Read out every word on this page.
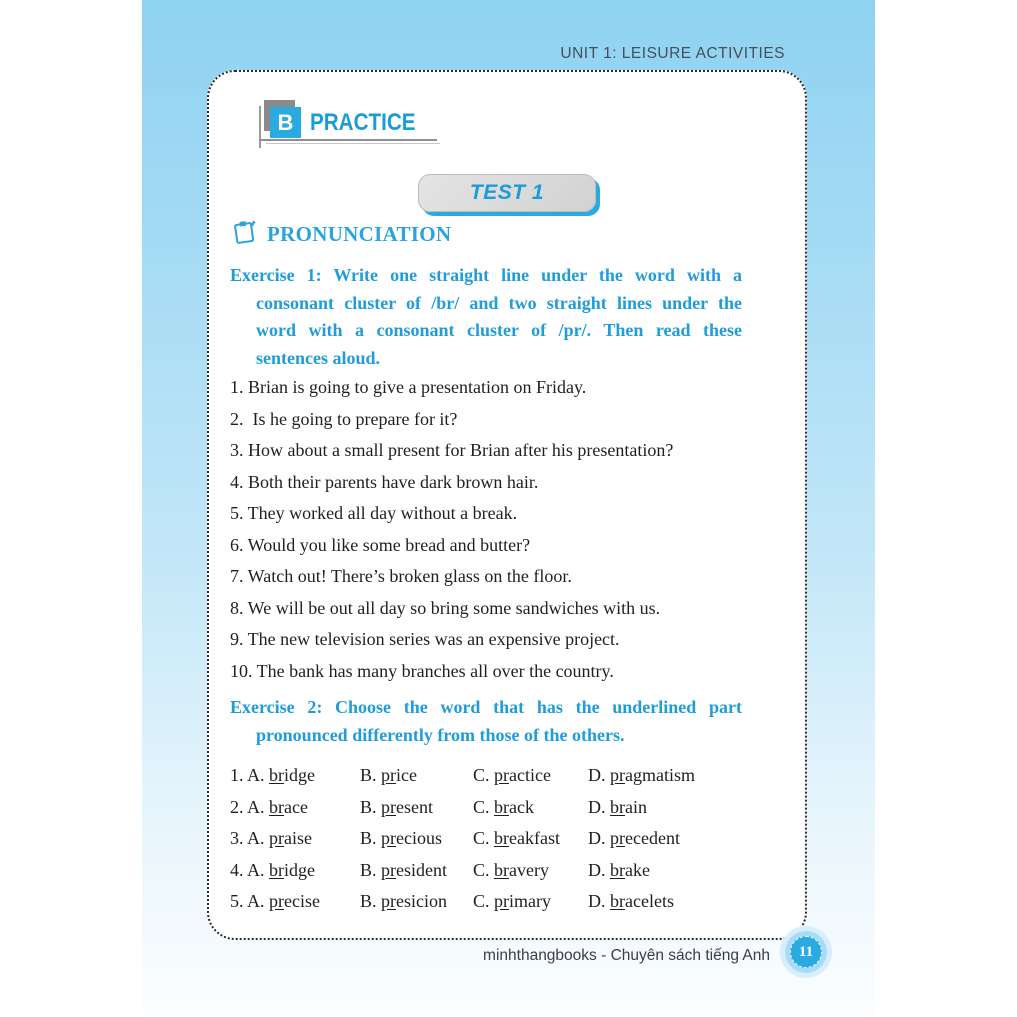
UNIT 1: LEISURE ACTIVITIES
B PRACTICE
TEST 1
PRONUNCIATION
Exercise 1: Write one straight line under the word with a
consonant cluster of /br/ and two straight lines under the
word with a consonant cluster of /pr/. Then read these
sentences aloud.
1. Brian is going to give a presentation on Friday.
2.  Is he going to prepare for it?
3. How about a small present for Brian after his presentation?
4. Both their parents have dark brown hair.
5. They worked all day without a break.
6. Would you like some bread and butter?
7. Watch out! There’s broken glass on the floor.
8. We will be out all day so bring some sandwiches with us.
9. The new television series was an expensive project.
10. The bank has many branches all over the country.
Exercise 2: Choose the word that has the underlined part
pronounced differently from those of the others.
1. A. bridge B. price	C. practice D. pragmatism
2. A. brace	B. present C. brack	D. brain
3. A. praise	B. precious C. breakfast D. precedent
4. A. bridge B. president C. bravery D. brake
5. A. precise B. presicion C. primary D. bracelets
minhthangbooks - Chuyên sách tiếng Anh	11
